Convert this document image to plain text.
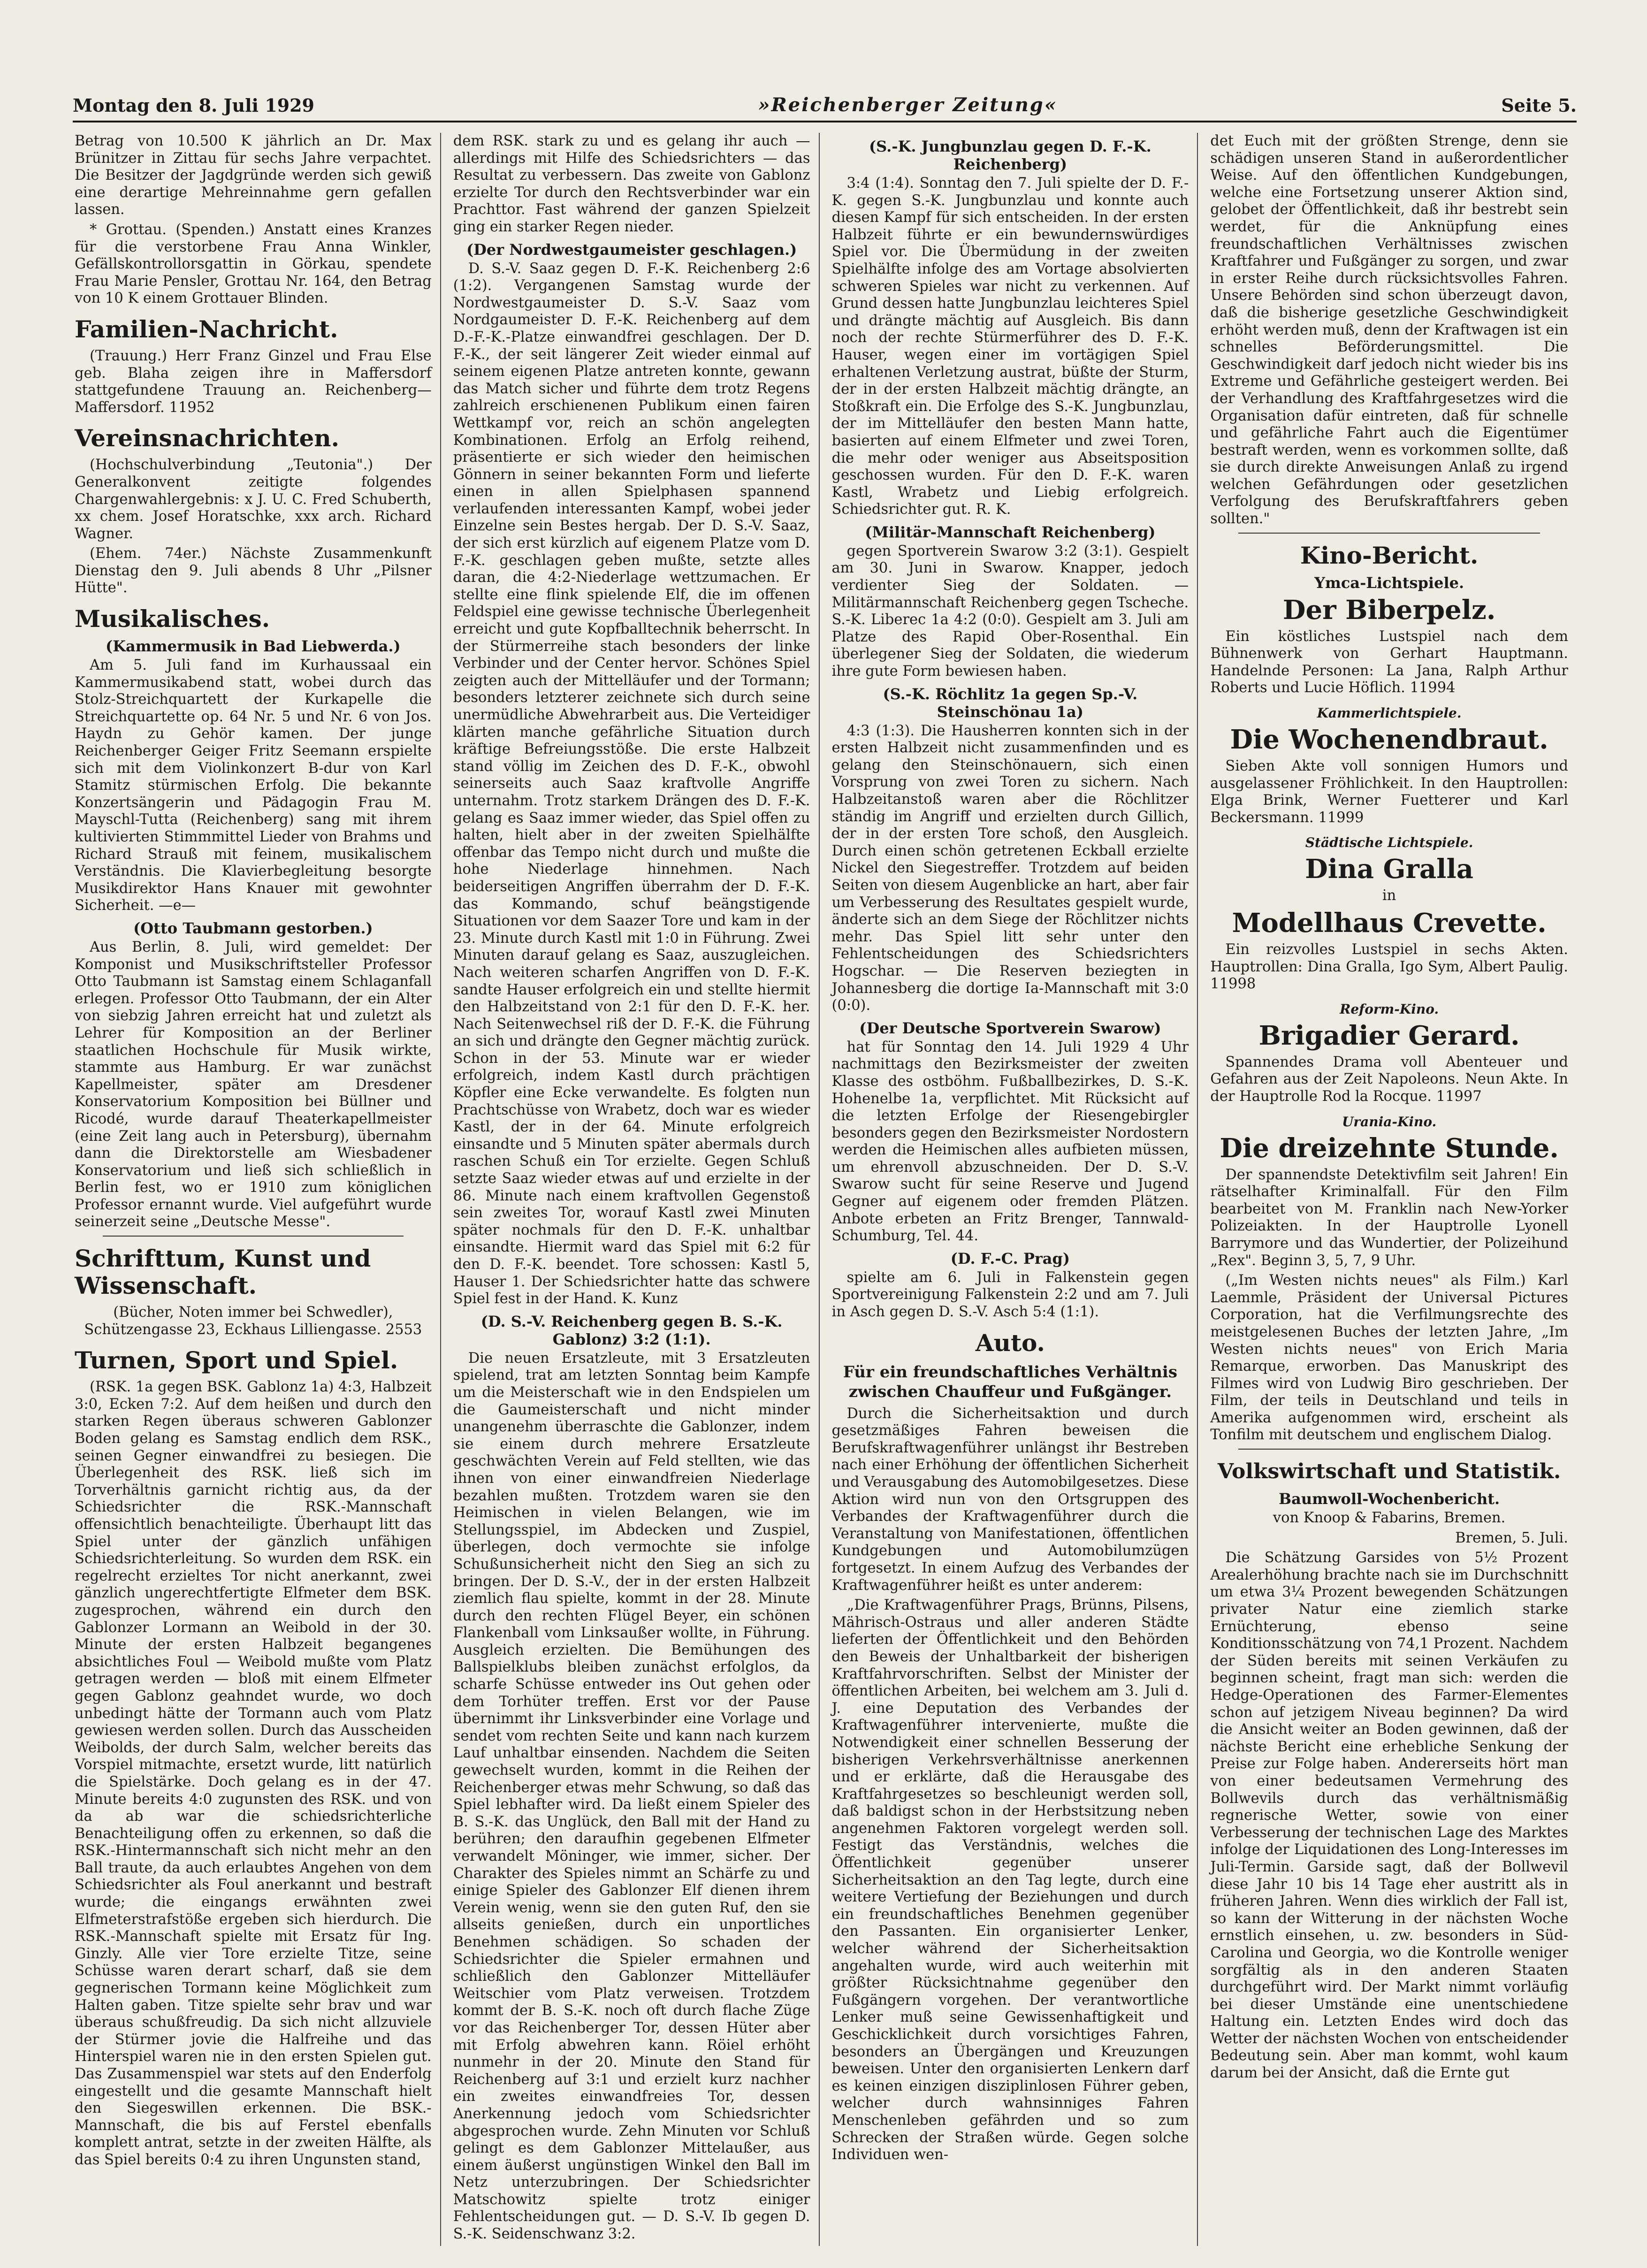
Montag den 8. Juli 1929	»Reichenberger Zeitung«	Seite 5.

Betrag von 10.500 K jährlich an Dr. Max Brünitzer in Zittau für sechs Jahre verpachtet. Die Besitzer der Jagdgründe werden sich gewiß eine derartige Mehreinnahme gern gefallen lassen.

* Grottau. (Spenden.) Anstatt eines Kranzes für die verstorbene Frau Anna Winkler, Gefällskontrollorsgattin in Görkau, spendete Frau Marie Pensler, Grottau Nr. 164, den Betrag von 10 K einem Grottauer Blinden.

Familien-Nachricht.

(Trauung.) Herr Franz Ginzel und Frau Else geb. Blaha zeigen ihre in Maffersdorf stattgefundene Trauung an. Reichenberg—Maffersdorf. 11952

Vereinsnachrichten.

(Hochschulverbindung „Teutonia".) Der Generalkonvent zeitigte folgendes Chargenwahlergebnis: x J. U. C. Fred Schuberth, xx chem. Josef Horatschke, xxx arch. Richard Wagner.

(Ehem. 74er.) Nächste Zusammenkunft Dienstag den 9. Juli abends 8 Uhr „Pilsner Hütte".

Musikalisches.
(Kammermusik in Bad Liebwerda.)

Am 5. Juli fand im Kurhaussaal ein Kammermusikabend statt, wobei durch das Stolz-Streichquartett der Kurkapelle die Streichquartette op. 64 Nr. 5 und Nr. 6 von Jos. Haydn zu Gehör kamen. Der junge Reichenberger Geiger Fritz Seemann erspielte sich mit dem Violinkonzert B-dur von Karl Stamitz stürmischen Erfolg. Die bekannte Konzertsängerin und Pädagogin Frau M. Mayschl-Tutta (Reichenberg) sang mit ihrem kultivierten Stimmmittel Lieder von Brahms und Richard Strauß mit feinem, musikalischem Verständnis. Die Klavierbegleitung besorgte Musikdirektor Hans Knauer mit gewohnter Sicherheit. —e—

(Otto Taubmann gestorben.)

Aus Berlin, 8. Juli, wird gemeldet: Der Komponist und Musikschriftsteller Professor Otto Taubmann ist Samstag einem Schlaganfall erlegen. Professor Otto Taubmann, der ein Alter von siebzig Jahren erreicht hat und zuletzt als Lehrer für Komposition an der Berliner staatlichen Hochschule für Musik wirkte, stammte aus Hamburg. Er war zunächst Kapellmeister, später am Dresdener Konservatorium Komposition bei Büllner und Ricodé, wurde darauf Theaterkapellmeister (eine Zeit lang auch in Petersburg), übernahm dann die Direktorstelle am Wiesbadener Konservatorium und ließ sich schließlich in Berlin fest, wo er 1910 zum königlichen Professor ernannt wurde. Viel aufgeführt wurde seinerzeit seine „Deutsche Messe".

Schrifttum, Kunst und Wissenschaft.

(Bücher, Noten immer bei Schwedler), Schützengasse 23, Eckhaus Lilliengasse. 2553

Turnen, Sport und Spiel.

(RSK. 1a gegen BSK. Gablonz 1a) 4:3, Halbzeit 3:0, Ecken 7:2. Auf dem heißen und durch den starken Regen überaus schweren Gablonzer Boden gelang es Samstag endlich dem RSK., seinen Gegner einwandfrei zu besiegen. Die Überlegenheit des RSK. ließ sich im Torverhältnis garnicht richtig aus, da der Schiedsrichter die RSK.-Mannschaft offensichtlich benachteiligte. Überhaupt litt das Spiel unter der gänzlich unfähigen Schiedsrichterleitung. So wurden dem RSK. ein regelrecht erzieltes Tor nicht anerkannt, zwei gänzlich ungerechtfertigte Elfmeter dem BSK. zugesprochen, während ein durch den Gablonzer Lormann an Weibold in der 30. Minute der ersten Halbzeit begangenes absichtliches Foul — Weibold mußte vom Platz getragen werden — bloß mit einem Elfmeter gegen Gablonz geahndet wurde, wo doch unbedingt hätte der Tormann auch vom Platz gewiesen werden sollen. Durch das Ausscheiden Weibolds, der durch Salm, welcher bereits das Vorspiel mitmachte, ersetzt wurde, litt natürlich die Spielstärke. Doch gelang es in der 47. Minute bereits 4:0 zugunsten des RSK. und von da ab war die schiedsrichterliche Benachteiligung offen zu erkennen, so daß die RSK.-Hintermannschaft sich nicht mehr an den Ball traute, da auch erlaubtes Angehen von dem Schiedsrichter als Foul anerkannt und bestraft wurde; die eingangs erwähnten zwei Elfmeterstrafstöße ergeben sich hierdurch. Die RSK.-Mannschaft spielte mit Ersatz für Ing. Ginzly. Alle vier Tore erzielte Titze, seine Schüsse waren derart scharf, daß sie dem gegnerischen Tormann keine Möglichkeit zum Halten gaben. Titze spielte sehr brav und war überaus schußfreudig. Da sich nicht allzuviele der Stürmer jovie die Halfreihe und das Hinterspiel waren nie in den ersten Spielen gut. Das Zusammenspiel war stets auf den Enderfolg eingestellt und die gesamte Mannschaft hielt den Siegeswillen erkennen. Die BSK.-Mannschaft, die bis auf Ferstel ebenfalls komplett antrat, setzte in der zweiten Hälfte, als das Spiel bereits 0:4 zu ihren Ungunsten stand,

dem RSK. stark zu und es gelang ihr auch — allerdings mit Hilfe des Schiedsrichters — das Resultat zu verbessern. Das zweite von Gablonz erzielte Tor durch den Rechtsverbinder war ein Prachttor. Fast während der ganzen Spielzeit ging ein starker Regen nieder.

(Der Nordwestgaumeister geschlagen.)

D. S.-V. Saaz gegen D. F.-K. Reichenberg 2:6 (1:2). Vergangenen Samstag wurde der Nordwestgaumeister D. S.-V. Saaz vom Nordgaumeister D. F.-K. Reichenberg auf dem D.-F.-K.-Platze einwandfrei geschlagen. Der D. F.-K., der seit längerer Zeit wieder einmal auf seinem eigenen Platze antreten konnte, gewann das Match sicher und führte dem trotz Regens zahlreich erschienenen Publikum einen fairen Wettkampf vor, reich an schön angelegten Kombinationen. Erfolg an Erfolg reihend, präsentierte er sich wieder den heimischen Gönnern in seiner bekannten Form und lieferte einen in allen Spielphasen spannend verlaufenden interessanten Kampf, wobei jeder Einzelne sein Bestes hergab. Der D. S.-V. Saaz, der sich erst kürzlich auf eigenem Platze vom D. F.-K. geschlagen geben mußte, setzte alles daran, die 4:2-Niederlage wettzumachen. Er stellte eine flink spielende Elf, die im offenen Feldspiel eine gewisse technische Überlegenheit erreicht und gute Kopfballtechnik beherrscht. In der Stürmerreihe stach besonders der linke Verbinder und der Center hervor. Schönes Spiel zeigten auch der Mittelläufer und der Tormann; besonders letzterer zeichnete sich durch seine unermüdliche Abwehrarbeit aus. Die Verteidiger klärten manche gefährliche Situation durch kräftige Befreiungsstöße. Die erste Halbzeit stand völlig im Zeichen des D. F.-K., obwohl seinerseits auch Saaz kraftvolle Angriffe unternahm. Trotz starkem Drängen des D. F.-K. gelang es Saaz immer wieder, das Spiel offen zu halten, hielt aber in der zweiten Spielhälfte offenbar das Tempo nicht durch und mußte die hohe Niederlage hinnehmen. Nach beiderseitigen Angriffen überrahm der D. F.-K. das Kommando, schuf beängstigende Situationen vor dem Saazer Tore und kam in der 23. Minute durch Kastl mit 1:0 in Führung. Zwei Minuten darauf gelang es Saaz, auszugleichen. Nach weiteren scharfen Angriffen von D. F.-K. sandte Hauser erfolgreich ein und stellte hiermit den Halbzeitstand von 2:1 für den D. F.-K. her. Nach Seitenwechsel riß der D. F.-K. die Führung an sich und drängte den Gegner mächtig zurück. Schon in der 53. Minute war er wieder erfolgreich, indem Kastl durch prächtigen Köpfler eine Ecke verwandelte. Es folgten nun Prachtschüsse von Wrabetz, doch war es wieder Kastl, der in der 64. Minute erfolgreich einsandte und 5 Minuten später abermals durch raschen Schuß ein Tor erzielte. Gegen Schluß setzte Saaz wieder etwas auf und erzielte in der 86. Minute nach einem kraftvollen Gegenstoß sein zweites Tor, worauf Kastl zwei Minuten später nochmals für den D. F.-K. unhaltbar einsandte. Hiermit ward das Spiel mit 6:2 für den D. F.-K. beendet. Tore schossen: Kastl 5, Hauser 1. Der Schiedsrichter hatte das schwere Spiel fest in der Hand. K. Kunz

(D. S.-V. Reichenberg gegen B. S.-K. Gablonz) 3:2 (1:1).

Die neuen Ersatzleute, mit 3 Ersatzleuten spielend, trat am letzten Sonntag beim Kampfe um die Meisterschaft wie in den Endspielen um die Gaumeisterschaft und nicht minder unangenehm überraschte die Gablonzer, indem sie einem durch mehrere Ersatzleute geschwächten Verein auf Feld stellten, wie das ihnen von einer einwandfreien Niederlage bezahlen mußten. Trotzdem waren sie den Heimischen in vielen Belangen, wie im Stellungsspiel, im Abdecken und Zuspiel, überlegen, doch vermochte sie infolge Schußunsicherheit nicht den Sieg an sich zu bringen. Der D. S.-V., der in der ersten Halbzeit ziemlich flau spielte, kommt in der 28. Minute durch den rechten Flügel Beyer, ein schönen Flankenball vom Linksaußer wollte, in Führung. Ausgleich erzielten. Die Bemühungen des Ballspielklubs bleiben zunächst erfolglos, da scharfe Schüsse entweder ins Out gehen oder dem Torhüter treffen. Erst vor der Pause übernimmt ihr Linksverbinder eine Vorlage und sendet vom rechten Seite und kann nach kurzem Lauf unhaltbar einsenden. Nachdem die Seiten gewechselt wurden, kommt in die Reihen der Reichenberger etwas mehr Schwung, so daß das Spiel lebhafter wird. Da ließt einem Spieler des B. S.-K. das Unglück, den Ball mit der Hand zu berühren; den daraufhin gegebenen Elfmeter verwandelt Möninger, wie immer, sicher. Der Charakter des Spieles nimmt an Schärfe zu und einige Spieler des Gablonzer Elf dienen ihrem Verein wenig, wenn sie den guten Ruf, den sie allseits genießen, durch ein unportliches Benehmen schädigen. So schaden der Schiedsrichter die Spieler ermahnen und schließlich den Gablonzer Mittelläufer Weitschier vom Platz verweisen. Trotzdem kommt der B. S.-K. noch oft durch flache Züge vor das Reichenberger Tor, dessen Hüter aber mit Erfolg abwehren kann. Röiel erhöht nunmehr in der 20. Minute den Stand für Reichenberg auf 3:1 und erzielt kurz nachher ein zweites einwandfreies Tor, dessen Anerkennung jedoch vom Schiedsrichter abgesprochen wurde. Zehn Minuten vor Schluß gelingt es dem Gablonzer Mittelaußer, aus einem äußerst ungünstigen Winkel den Ball im Netz unterzubringen. Der Schiedsrichter Matschowitz spielte trotz einiger Fehlentscheidungen gut. — D. S.-V. Ib gegen D. S.-K. Seidenschwanz 3:2.

(S.-K. Jungbunzlau gegen D. F.-K. Reichenberg)

3:4 (1:4). Sonntag den 7. Juli spielte der D. F.-K. gegen S.-K. Jungbunzlau und konnte auch diesen Kampf für sich entscheiden. In der ersten Halbzeit führte er ein bewundernswürdiges Spiel vor. Die Übermüdung in der zweiten Spielhälfte infolge des am Vortage absolvierten schweren Spieles war nicht zu verkennen. Auf Grund dessen hatte Jungbunzlau leichteres Spiel und drängte mächtig auf Ausgleich. Bis dann noch der rechte Stürmerführer des D. F.-K. Hauser, wegen einer im vortägigen Spiel erhaltenen Verletzung austrat, büßte der Sturm, der in der ersten Halbzeit mächtig drängte, an Stoßkraft ein. Die Erfolge des S.-K. Jungbunzlau, der im Mittelläufer den besten Mann hatte, basierten auf einem Elfmeter und zwei Toren, die mehr oder weniger aus Abseitsposition geschossen wurden. Für den D. F.-K. waren Kastl, Wrabetz und Liebig erfolgreich. Schiedsrichter gut. R. K.

(Militär-Mannschaft Reichenberg)

gegen Sportverein Swarow 3:2 (3:1). Gespielt am 30. Juni in Swarow. Knapper, jedoch verdienter Sieg der Soldaten. — Militärmannschaft Reichenberg gegen Tscheche. S.-K. Liberec 1a 4:2 (0:0). Gespielt am 3. Juli am Platze des Rapid Ober-Rosenthal. Ein überlegener Sieg der Soldaten, die wiederum ihre gute Form bewiesen haben.

(S.-K. Röchlitz 1a gegen Sp.-V. Steinschönau 1a)

4:3 (1:3). Die Hausherren konnten sich in der ersten Halbzeit nicht zusammenfinden und es gelang den Steinschönauern, sich einen Vorsprung von zwei Toren zu sichern. Nach Halbzeitanstoß waren aber die Röchlitzer ständig im Angriff und erzielten durch Gillich, der in der ersten Tore schoß, den Ausgleich. Durch einen schön getretenen Eckball erzielte Nickel den Siegestreffer. Trotzdem auf beiden Seiten von diesem Augenblicke an hart, aber fair um Verbesserung des Resultates gespielt wurde, änderte sich an dem Siege der Röchlitzer nichts mehr. Das Spiel litt sehr unter den Fehlentscheidungen des Schiedsrichters Hogschar. — Die Reserven beziegten in Johannesberg die dortige Ia-Mannschaft mit 3:0 (0:0).

(Der Deutsche Sportverein Swarow)

hat für Sonntag den 14. Juli 1929 4 Uhr nachmittags den Bezirksmeister der zweiten Klasse des ostböhm. Fußballbezirkes, D. S.-K. Hohenelbe 1a, verpflichtet. Mit Rücksicht auf die letzten Erfolge der Riesengebirgler besonders gegen den Bezirksmeister Nordostern werden die Heimischen alles aufbieten müssen, um ehrenvoll abzuschneiden. Der D. S.-V. Swarow sucht für seine Reserve und Jugend Gegner auf eigenem oder fremden Plätzen. Anbote erbeten an Fritz Brenger, Tannwald-Schumburg, Tel. 44.

(D. F.-C. Prag)

spielte am 6. Juli in Falkenstein gegen Sportvereinigung Falkenstein 2:2 und am 7. Juli in Asch gegen D. S.-V. Asch 5:4 (1:1).

Auto.
Für ein freundschaftliches Verhältnis zwischen Chauffeur und Fußgänger.

Durch die Sicherheitsaktion und durch gesetzmäßiges Fahren beweisen die Berufskraftwagenführer unlängst ihr Bestreben nach einer Erhöhung der öffentlichen Sicherheit und Verausgabung des Automobilgesetzes. Diese Aktion wird nun von den Ortsgruppen des Verbandes der Kraftwagenführer durch die Veranstaltung von Manifestationen, öffentlichen Kundgebungen und Automobilumzügen fortgesetzt. In einem Aufzug des Verbandes der Kraftwagenführer heißt es unter anderem:

„Die Kraftwagenführer Prags, Brünns, Pilsens, Mährisch-Ostraus und aller anderen Städte lieferten der Öffentlichkeit und den Behörden den Beweis der Unhaltbarkeit der bisherigen Kraftfahrvorschriften. Selbst der Minister der öffentlichen Arbeiten, bei welchem am 3. Juli d. J. eine Deputation des Verbandes der Kraftwagenführer intervenierte, mußte die Notwendigkeit einer schnellen Besserung der bisherigen Verkehrsverhältnisse anerkennen und er erklärte, daß die Herausgabe des Kraftfahrgesetzes so beschleunigt werden soll, daß baldigst schon in der Herbstsitzung neben angenehmen Faktoren vorgelegt werden soll. Festigt das Verständnis, welches die Öffentlichkeit gegenüber unserer Sicherheitsaktion an den Tag legte, durch eine weitere Vertiefung der Beziehungen und durch ein freundschaftliches Benehmen gegenüber den Passanten. Ein organisierter Lenker, welcher während der Sicherheitsaktion angehalten wurde, wird auch weiterhin mit größter Rücksichtnahme gegenüber den Fußgängern vorgehen. Der verantwortliche Lenker muß seine Gewissenhaftigkeit und Geschicklichkeit durch vorsichtiges Fahren, besonders an Übergängen und Kreuzungen beweisen. Unter den organisierten Lenkern darf es keinen einzigen disziplinlosen Führer geben, welcher durch wahnsinniges Fahren Menschenleben gefährden und so zum Schrecken der Straßen würde. Gegen solche Individuen wen-

det Euch mit der größten Strenge, denn sie schädigen unseren Stand in außerordentlicher Weise. Auf den öffentlichen Kundgebungen, welche eine Fortsetzung unserer Aktion sind, gelobet der Öffentlichkeit, daß ihr bestrebt sein werdet, für die Anknüpfung eines freundschaftlichen Verhältnisses zwischen Kraftfahrer und Fußgänger zu sorgen, und zwar in erster Reihe durch rücksichtsvolles Fahren. Unsere Behörden sind schon überzeugt davon, daß die bisherige gesetzliche Geschwindigkeit erhöht werden muß, denn der Kraftwagen ist ein schnelles Beförderungsmittel. Die Geschwindigkeit darf jedoch nicht wieder bis ins Extreme und Gefährliche gesteigert werden. Bei der Verhandlung des Kraftfahrgesetzes wird die Organisation dafür eintreten, daß für schnelle und gefährliche Fahrt auch die Eigentümer bestraft werden, wenn es vorkommen sollte, daß sie durch direkte Anweisungen Anlaß zu irgend welchen Gefährdungen oder gesetzlichen Verfolgung des Berufskraftfahrers geben sollten."

Kino-Bericht.
Ymca-Lichtspiele.
Der Biberpelz.

Ein köstliches Lustspiel nach dem Bühnenwerk von Gerhart Hauptmann. Handelnde Personen: La Jana, Ralph Arthur Roberts und Lucie Höflich. 11994

Kammerlichtspiele.
Die Wochenendbraut.

Sieben Akte voll sonnigen Humors und ausgelassener Fröhlichkeit. In den Hauptrollen: Elga Brink, Werner Fuetterer und Karl Beckersmann. 11999

Städtische Lichtspiele.
Dina Gralla

in

Modellhaus Crevette.

Ein reizvolles Lustspiel in sechs Akten. Hauptrollen: Dina Gralla, Igo Sym, Albert Paulig. 11998

Reform-Kino.
Brigadier Gerard.

Spannendes Drama voll Abenteuer und Gefahren aus der Zeit Napoleons. Neun Akte. In der Hauptrolle Rod la Rocque. 11997

Urania-Kino.
Die dreizehnte Stunde.

Der spannendste Detektivfilm seit Jahren! Ein rätselhafter Kriminalfall. Für den Film bearbeitet von M. Franklin nach New-Yorker Polizeiakten. In der Hauptrolle Lyonell Barrymore und das Wundertier, der Polizeihund „Rex". Beginn 3, 5, 7, 9 Uhr.

(„Im Westen nichts neues" als Film.) Karl Laemmle, Präsident der Universal Pictures Corporation, hat die Verfilmungsrechte des meistgelesenen Buches der letzten Jahre, „Im Westen nichts neues" von Erich Maria Remarque, erworben. Das Manuskript des Filmes wird von Ludwig Biro geschrieben. Der Film, der teils in Deutschland und teils in Amerika aufgenommen wird, erscheint als Tonfilm mit deutschem und englischem Dialog.

Volkswirtschaft und Statistik.
Baumwoll-Wochenbericht.

von Knoop & Fabarins, Bremen.

Bremen, 5. Juli.

Die Schätzung Garsides von 5½ Prozent Arealerhöhung brachte nach sie im Durchschnitt um etwa 3¼ Prozent bewegenden Schätzungen privater Natur eine ziemlich starke Ernüchterung, ebenso seine Konditionsschätzung von 74,1 Prozent. Nachdem der Süden bereits mit seinen Verkäufen zu beginnen scheint, fragt man sich: werden die Hedge-Operationen des Farmer-Elementes schon auf jetzigem Niveau beginnen? Da wird die Ansicht weiter an Boden gewinnen, daß der nächste Bericht eine erhebliche Senkung der Preise zur Folge haben. Andererseits hört man von einer bedeutsamen Vermehrung des Bollwevils durch das verhältnismäßig regnerische Wetter, sowie von einer Verbesserung der technischen Lage des Marktes infolge der Liquidationen des Long-Interesses im Juli-Termin. Garside sagt, daß der Bollwevil diese Jahr 10 bis 14 Tage eher austritt als in früheren Jahren. Wenn dies wirklich der Fall ist, so kann der Witterung in der nächsten Woche ernstlich einsehen, u. zw. besonders in Süd-Carolina und Georgia, wo die Kontrolle weniger sorgfältig als in den anderen Staaten durchgeführt wird. Der Markt nimmt vorläufig bei dieser Umstände eine unentschiedene Haltung ein. Letzten Endes wird doch das Wetter der nächsten Wochen von entscheidender Bedeutung sein. Aber man kommt, wohl kaum darum bei der Ansicht, daß die Ernte gut
